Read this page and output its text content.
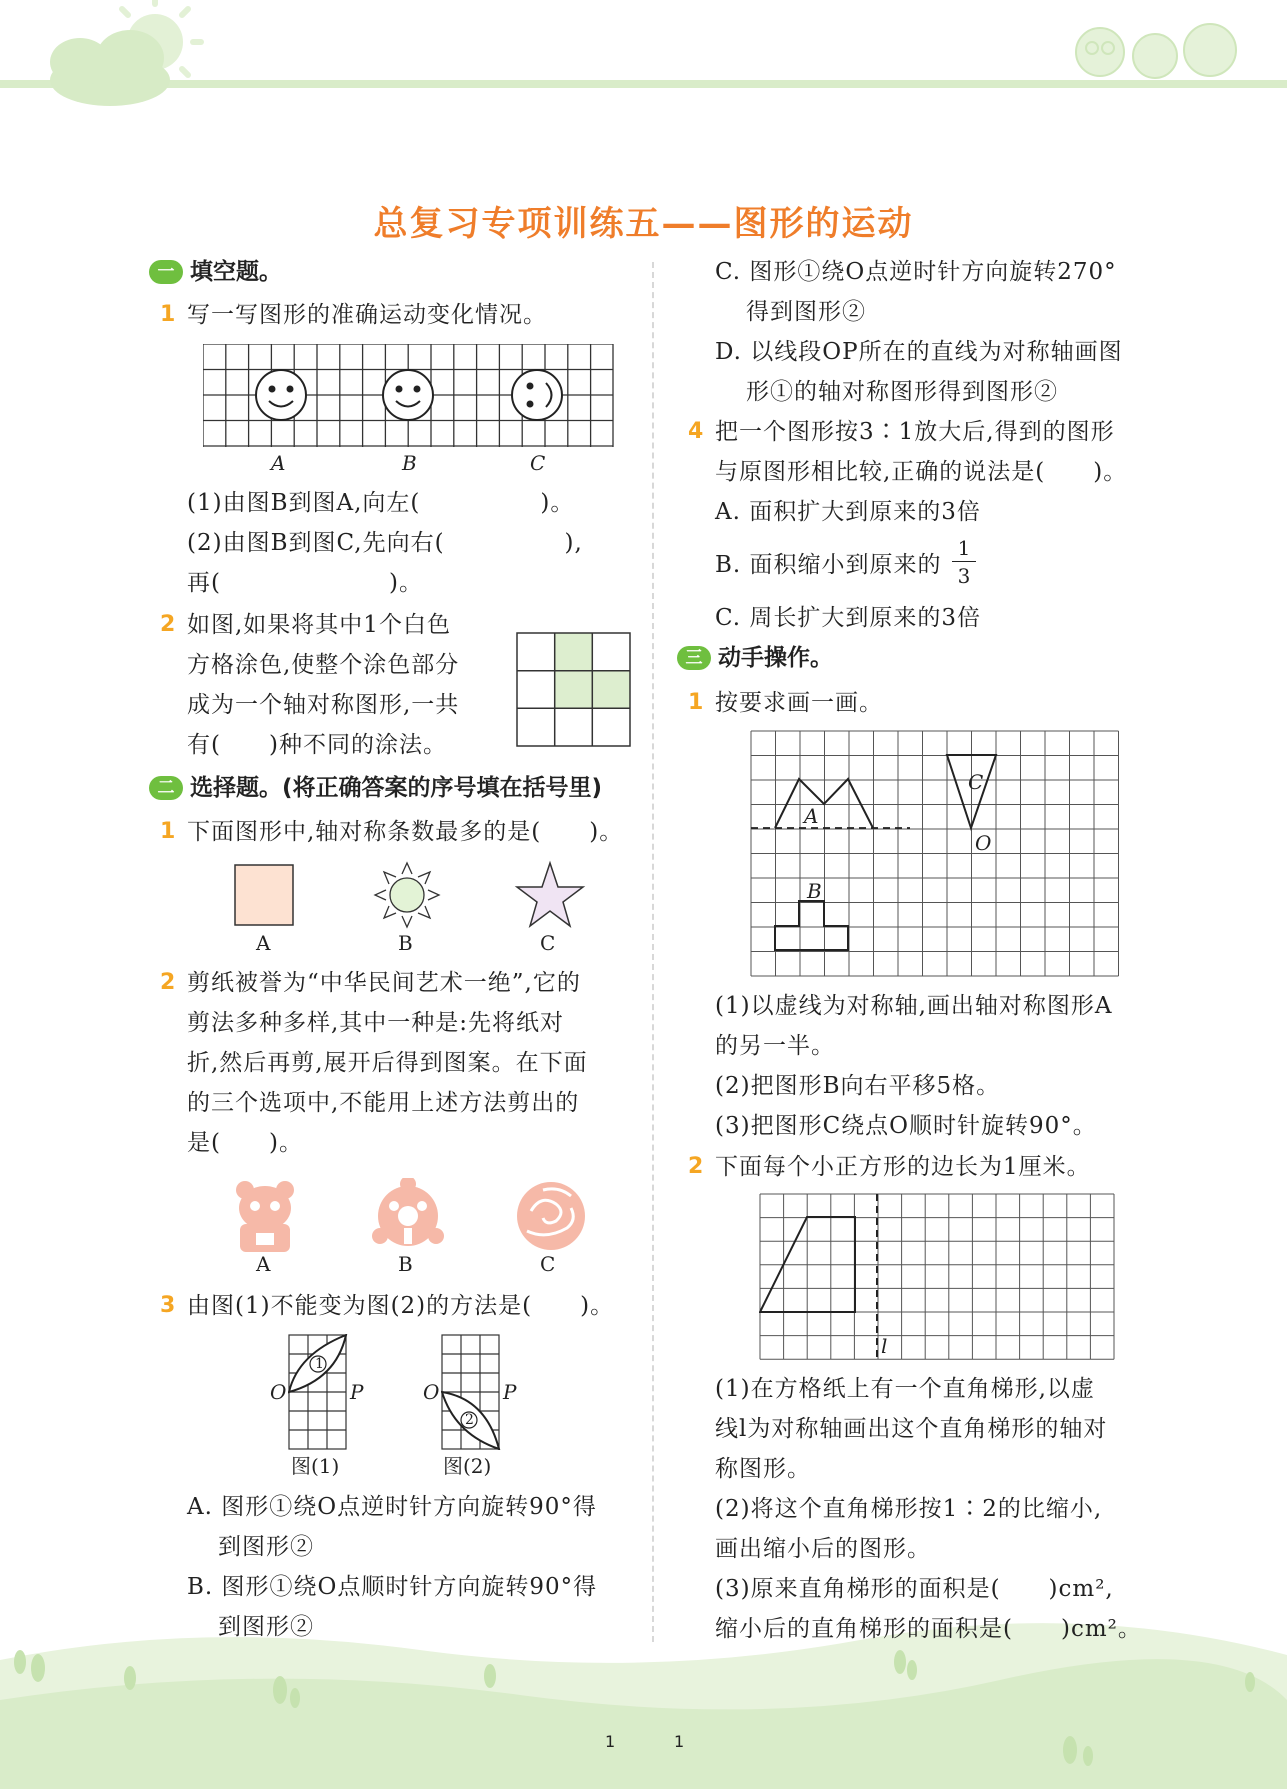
总复习专项训练五——图形的运动
一 填空题。
1 写一写图形的准确运动变化情况。
A	B	C
(1)由图B到图A,向左(　　　　　)。
(2)由图B到图C,先向右(　　　　　),
再(　　　　　　　)。
2 如图,如果将其中1个白色
方格涂色,使整个涂色部分
成为一个轴对称图形,一共
有(　　)种不同的涂法。
二 选择题。(将正确答案的序号填在括号里)
1 下面图形中,轴对称条数最多的是(　　)。
A	B	C
2 剪纸被誉为“中华民间艺术一绝”,它的
剪法多种多样,其中一种是:先将纸对
折,然后再剪,展开后得到图案。在下面
的三个选项中,不能用上述方法剪出的
是(　　)。
A	B	C
3 由图(1)不能变为图(2)的方法是(　　)。
1
O	P
2
O	P
图(1)	图(2)
A. 图形①绕O点逆时针方向旋转90°得
到图形②
B. 图形①绕O点顺时针方向旋转90°得
到图形②
C. 图形①绕O点逆时针方向旋转270°
得到图形②
D. 以线段OP所在的直线为对称轴画图
形①的轴对称图形得到图形②
4 把一个图形按3∶1放大后,得到的图形
与原图形相比较,正确的说法是(　　)。
A. 面积扩大到原来的3倍
B. 面积缩小到原来的
1
3
C. 周长扩大到原来的3倍
三 动手操作。
1 按要求画一画。
A
B
C
O
(1)以虚线为对称轴,画出轴对称图形A
的另一半。
(2)把图形B向右平移5格。
(3)把图形C绕点O顺时针旋转90°。
2 下面每个小正方形的边长为1厘米。
l
(1)在方格纸上有一个直角梯形,以虚
线l为对称轴画出这个直角梯形的轴对
称图形。
(2)将这个直角梯形按1∶2的比缩小,
画出缩小后的图形。
(3)原来直角梯形的面积是(　　)cm²,
缩小后的直角梯形的面积是(　　)cm²。
1	1
